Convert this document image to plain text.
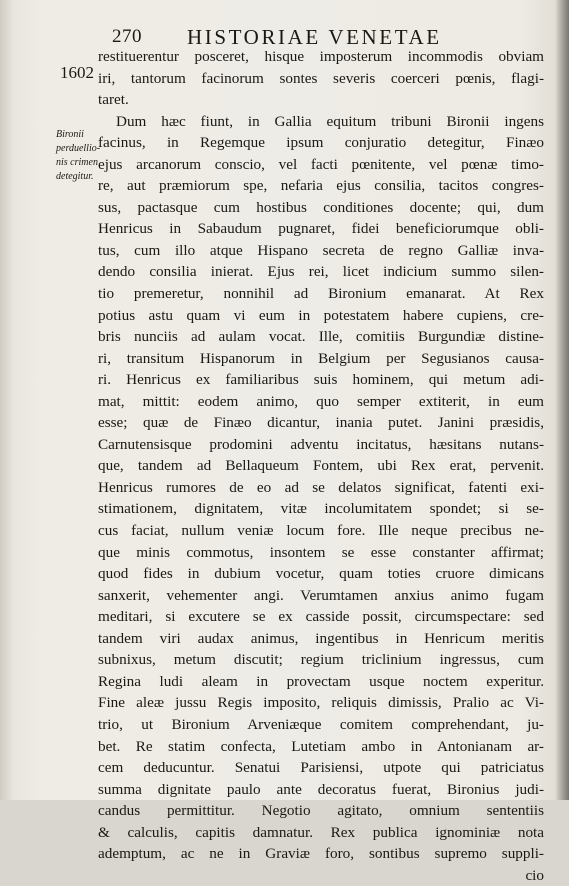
270 HISTORIAE VENETAE
1602
Bironii
perduellio-
nis crimen
detegitur.
restituerentur posceret, hisque imposterum incommodis obviam
iri, tantorum facinorum sontes severis coerceri pœnis, flagi-
taret.
Dum hæc fiunt, in Gallia equitum tribuni Bironii ingens
facinus, in Regemque ipsum conjuratio detegitur, Finæo
ejus arcanorum conscio, vel facti pœnitente, vel pœnæ timo-
re, aut præmiorum spe, nefaria ejus consilia, tacitos congres-
sus, pactasque cum hostibus conditiones docente; qui, dum
Henricus in Sabaudum pugnaret, fidei beneficiorumque obli-
tus, cum illo atque Hispano secreta de regno Galliæ inva-
dendo consilia inierat. Ejus rei, licet indicium summo silen-
tio premeretur, nonnihil ad Bironium emanarat. At Rex
potius astu quam vi eum in potestatem habere cupiens, cre-
bris nunciis ad aulam vocat. Ille, comitiis Burgundiæ distine-
ri, transitum Hispanorum in Belgium per Segusianos causa-
ri. Henricus ex familiaribus suis hominem, qui metum adi-
mat, mittit: eodem animo, quo semper extiterit, in eum
esse; quæ de Finæo dicantur, inania putet. Janini præsidis,
Carnutensisque prodomini adventu incitatus, hæsitans nutans-
que, tandem ad Bellaqueum Fontem, ubi Rex erat, pervenit.
Henricus rumores de eo ad se delatos significat, fatenti exi-
stimationem, dignitatem, vitæ incolumitatem spondet; si se-
cus faciat, nullum veniæ locum fore. Ille neque precibus ne-
que minis commotus, insontem se esse constanter affirmat;
quod fides in dubium vocetur, quam toties cruore dimicans
sanxerit, vehementer angi. Verumtamen anxius animo fugam
meditari, si excutere se ex casside possit, circumspectare: sed
tandem viri audax animus, ingentibus in Henricum meritis
subnixus, metum discutit; regium triclinium ingressus, cum
Regina ludi aleam in provectam usque noctem experitur.
Fine aleæ jussu Regis imposito, reliquis dimissis, Pralio ac Vi-
trio, ut Bironium Arveniæque comitem comprehendant, ju-
bet. Re statim confecta, Lutetiam ambo in Antonianam ar-
cem deducuntur. Senatui Parisiensi, utpote qui patriciatus
summa dignitate paulo ante decoratus fuerat, Bironius judi-
candus permittitur. Negotio agitato, omnium sententiis
& calculis, capitis damnatur. Rex publica ignominiæ nota
ademptum, ac ne in Graviæ foro, sontibus supremo suppli-
cio
